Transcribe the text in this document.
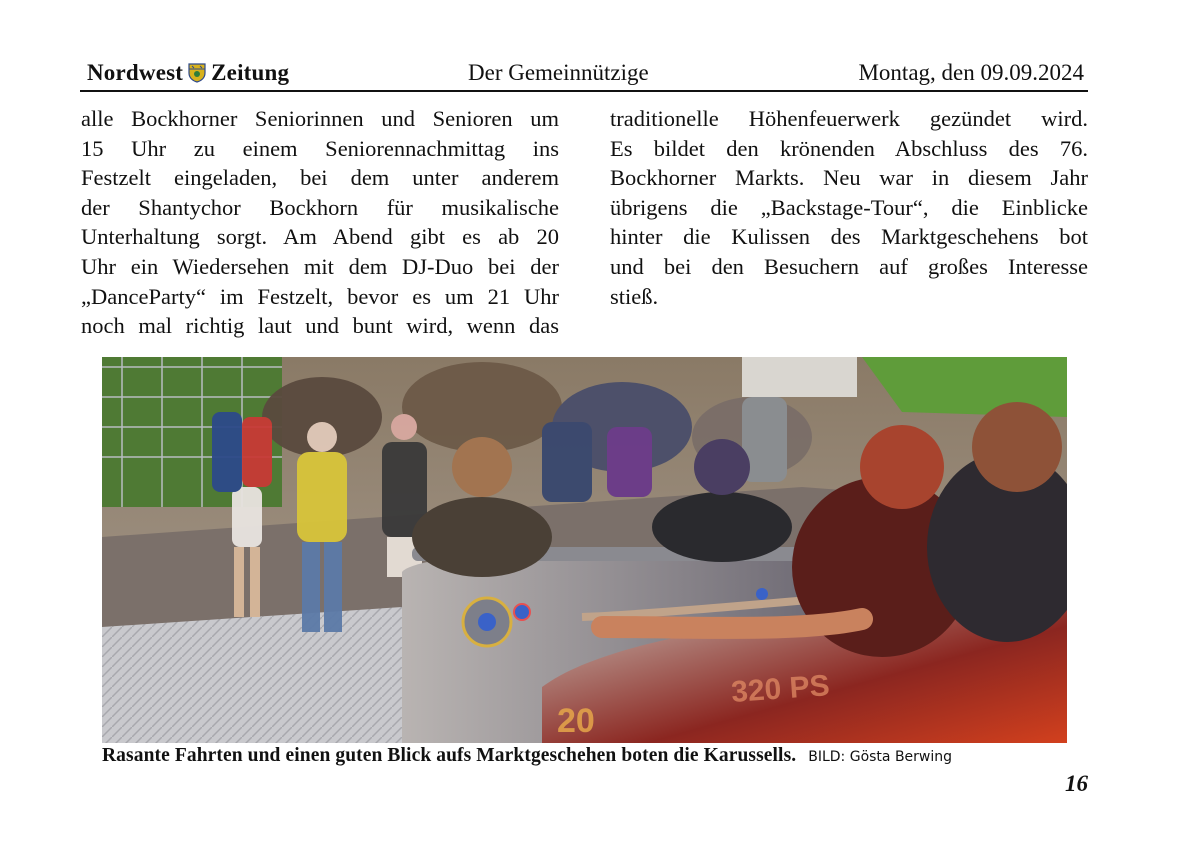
Nordwest Zeitung	Der Gemeinnützige	Montag, den 09.09.2024
alle Bockhorner Seniorinnen und Senioren um
15 Uhr zu einem Seniorennachmittag ins
Festzelt eingeladen, bei dem unter anderem
der Shantychor Bockhorn für musikalische
Unterhaltung sorgt. Am Abend gibt es ab 20
Uhr ein Wiedersehen mit dem DJ-Duo bei der
„DanceParty“ im Festzelt, bevor es um 21 Uhr
noch mal richtig laut und bunt wird, wenn das
traditionelle Höhenfeuerwerk gezündet wird.
Es bildet den krönenden Abschluss des 76.
Bockhorner Markts. Neu war in diesem Jahr
übrigens die „Backstage-Tour“, die Einblicke
hinter die Kulissen des Marktgeschehens bot
und bei den Besuchern auf großes Interesse
stieß.
20
320 PS
Rasante Fahrten und einen guten Blick aufs Marktgeschehen boten die Karussells. BILD: Gösta Berwing
16
